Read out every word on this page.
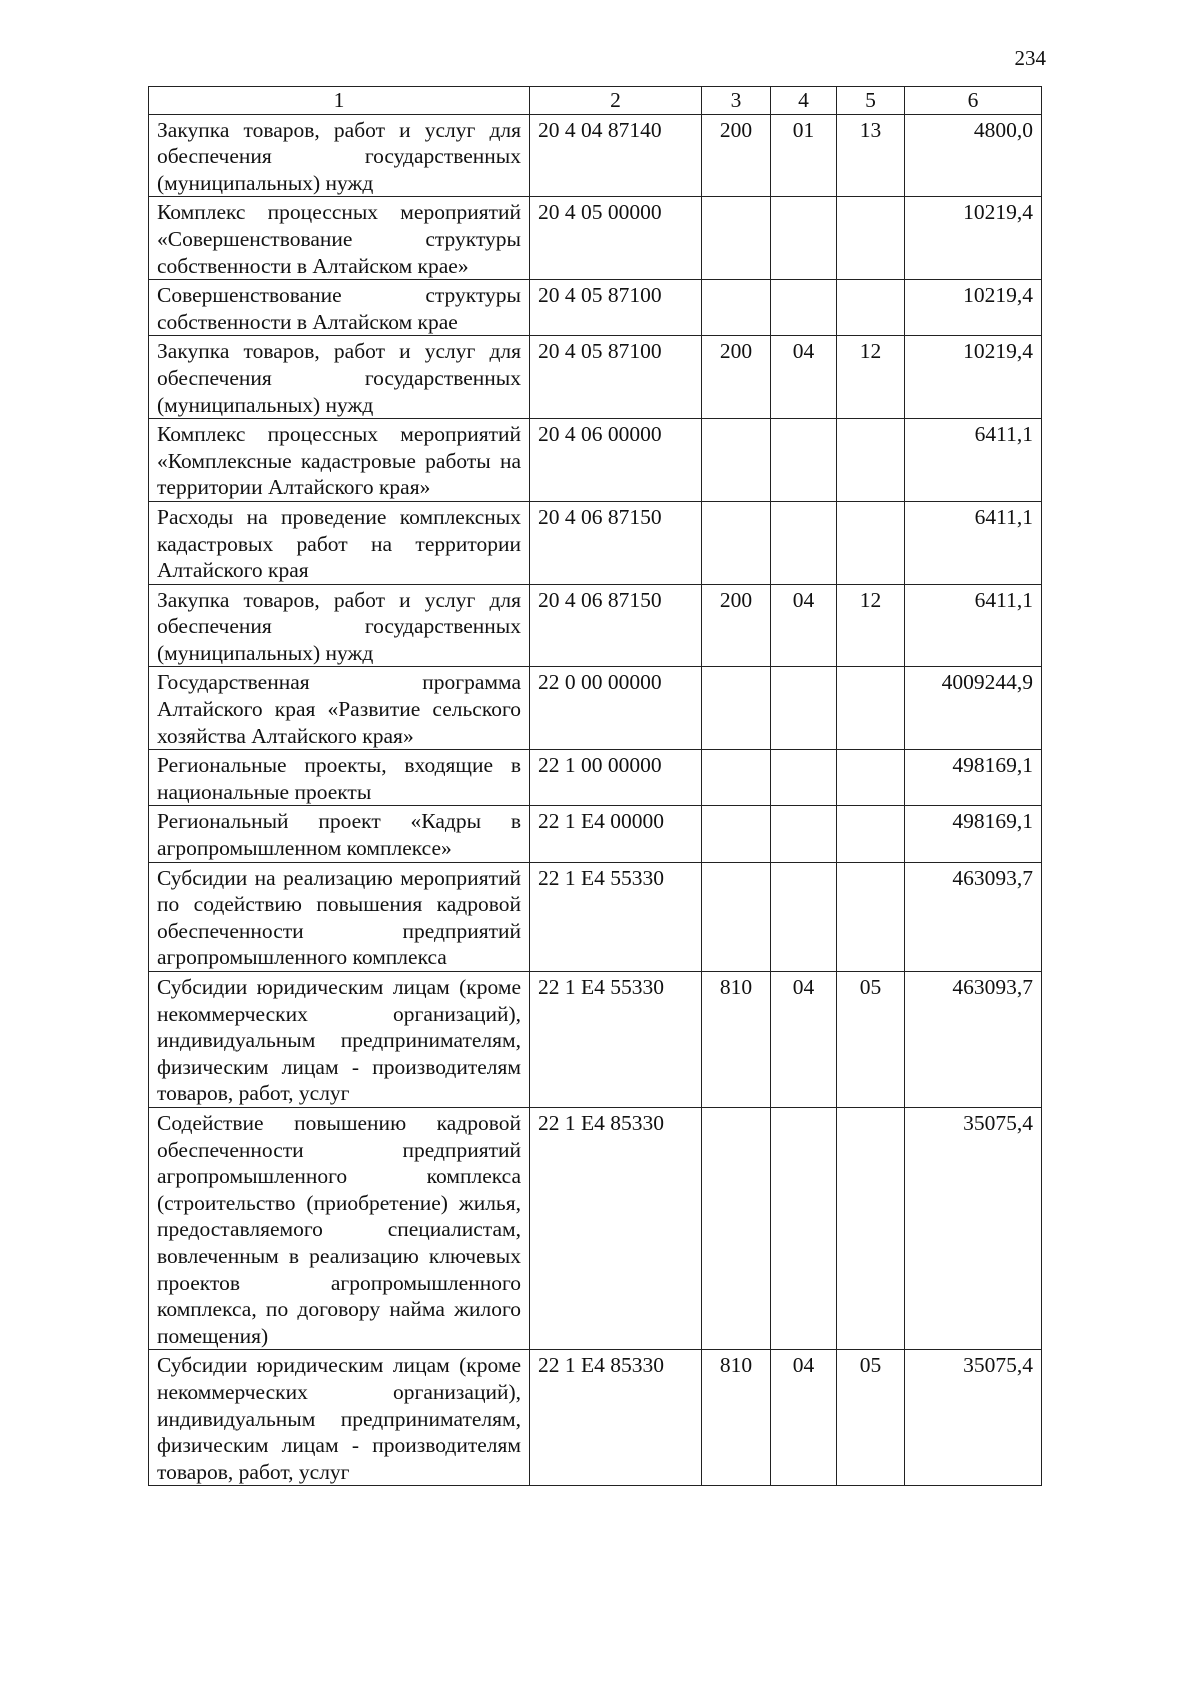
234
1	2	3	4	5	6
Закупка товаров, работ и услуг для обеспечения государственных (муниципальных) нужд	20 4 04 87140	200	01	13	4800,0
Комплекс процессных мероприятий «Совершенствование структуры собственности в Алтайском крае»	20 4 05 00000				10219,4
Совершенствование структуры собственности в Алтайском крае	20 4 05 87100				10219,4
Закупка товаров, работ и услуг для обеспечения государственных (муниципальных) нужд	20 4 05 87100	200	04	12	10219,4
Комплекс процессных мероприятий «Комплексные кадастровые работы на территории Алтайского края»	20 4 06 00000				6411,1
Расходы на проведение комплексных кадастровых работ на территории Алтайского края	20 4 06 87150				6411,1
Закупка товаров, работ и услуг для обеспечения государственных (муниципальных) нужд	20 4 06 87150	200	04	12	6411,1
Государственная программа Алтайского края «Развитие сельского хозяйства Алтайского края»	22 0 00 00000				4009244,9
Региональные проекты, входящие в национальные проекты	22 1 00 00000				498169,1
Региональный проект «Кадры в агропромышленном комплексе»	22 1 Е4 00000				498169,1
Субсидии на реализацию мероприятий по содействию повышения кадровой обеспеченности предприятий агропромышленного комплекса	22 1 Е4 55330				463093,7
Субсидии юридическим лицам (кроме некоммерческих организаций), индивидуальным предпринимателям, физическим лицам - производителям товаров, работ, услуг	22 1 Е4 55330	810	04	05	463093,7
Содействие повышению кадровой обеспеченности предприятий агропромышленного комплекса (строительство (приобретение) жилья, предоставляемого специалистам, вовлеченным в реализацию ключевых проектов агропромышленного комплекса, по договору найма жилого помещения)	22 1 Е4 85330				35075,4
Субсидии юридическим лицам (кроме некоммерческих организаций), индивидуальным предпринимателям, физическим лицам - производителям товаров, работ, услуг	22 1 Е4 85330	810	04	05	35075,4
